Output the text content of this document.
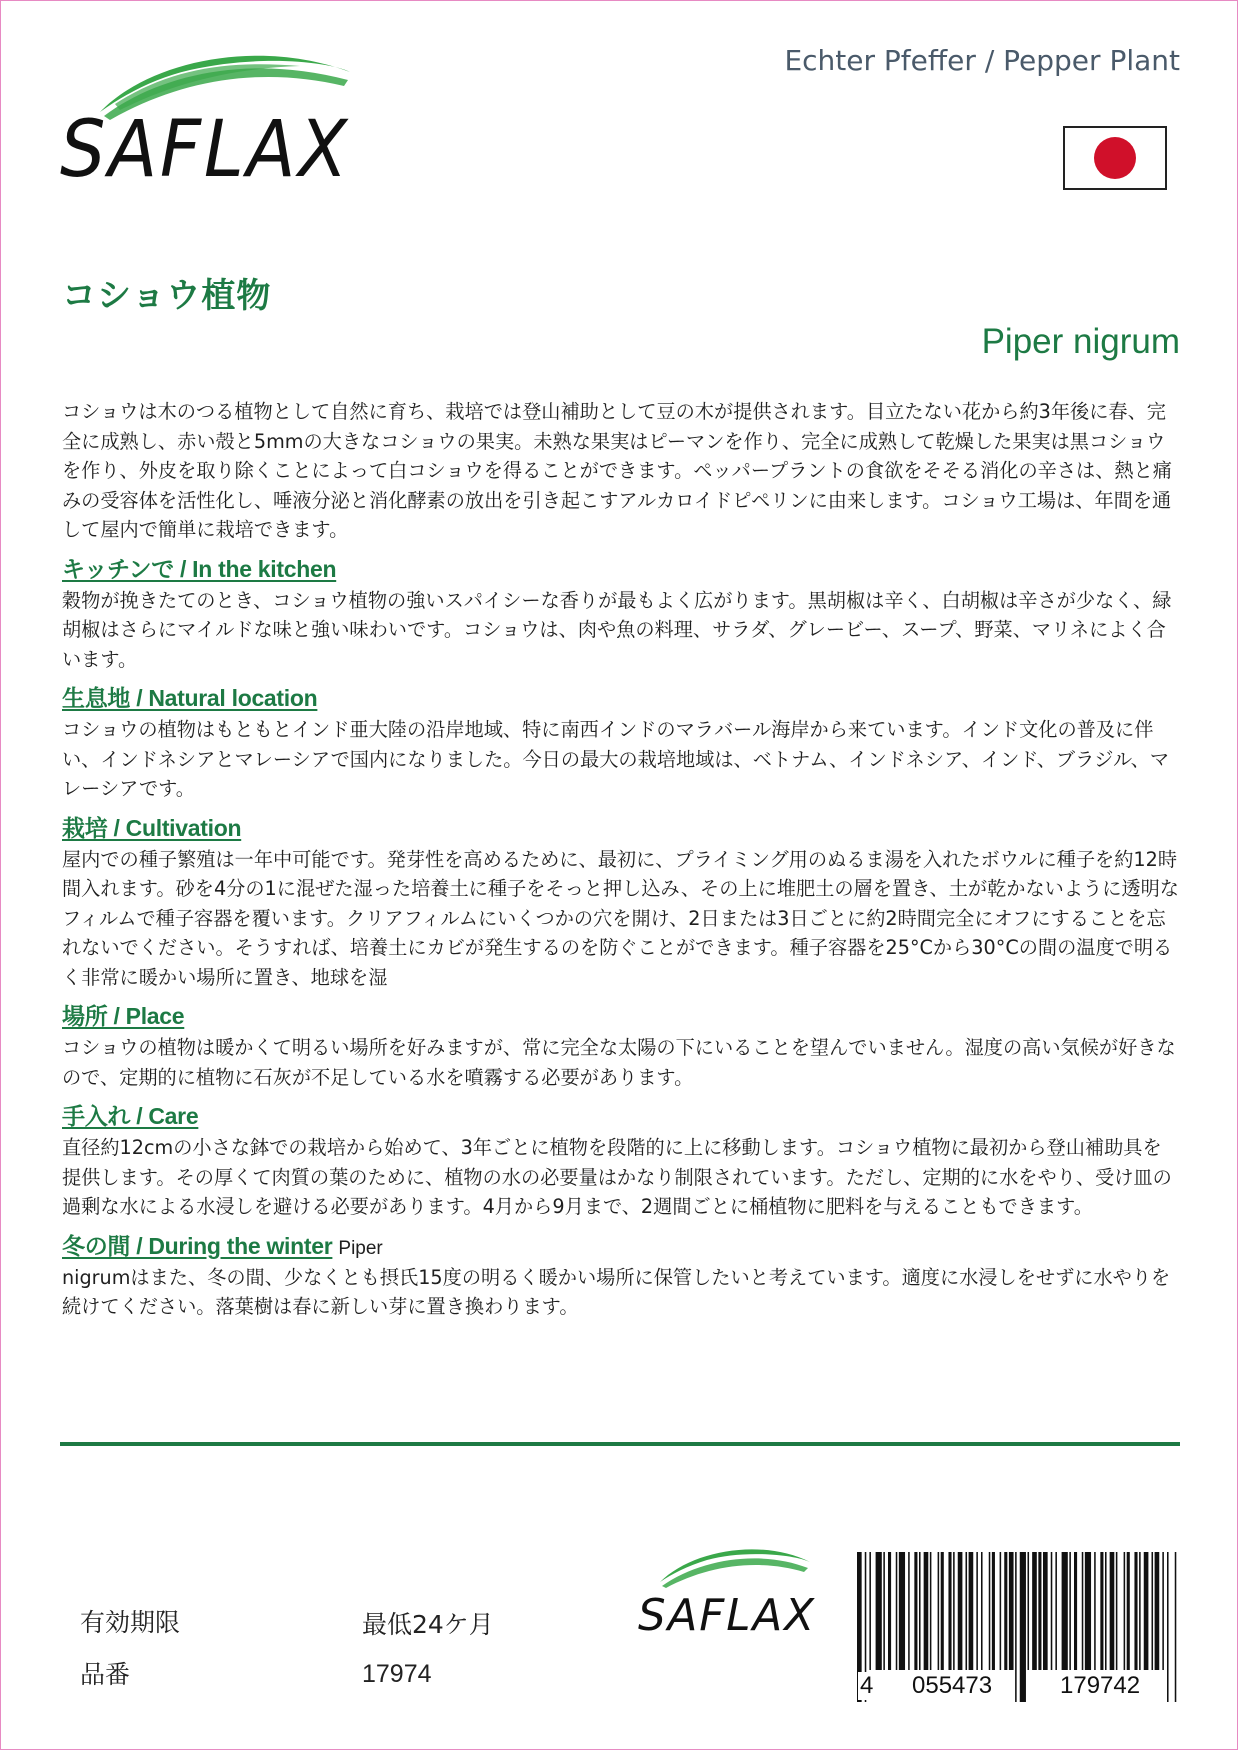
SAFLAX
Echter Pfeffer / Pepper Plant
コショウ植物
Piper nigrum

コショウは木のつる植物として自然に育ち、栽培では登山補助として豆の木が提供されます。目立たない花から約3年後に春、完全に成熟し、赤い殻と5mmの大きなコショウの果実。未熟な果実はピーマンを作り、完全に成熟して乾燥した果実は黒コショウを作り、外皮を取り除くことによって白コショウを得ることができます。ペッパープラントの食欲をそそる消化の辛さは、熱と痛みの受容体を活性化し、唾液分泌と消化酵素の放出を引き起こすアルカロイドピペリンに由来します。コショウ工場は、年間を通して屋内で簡単に栽培できます。

キッチンで / In the kitchen

穀物が挽きたてのとき、コショウ植物の強いスパイシーな香りが最もよく広がります。黒胡椒は辛く、白胡椒は辛さが少なく、緑胡椒はさらにマイルドな味と強い味わいです。コショウは、肉や魚の料理、サラダ、グレービー、スープ、野菜、マリネによく合います。

生息地 / Natural location

コショウの植物はもともとインド亜大陸の沿岸地域、特に南西インドのマラバール海岸から来ています。インド文化の普及に伴い、インドネシアとマレーシアで国内になりました。今日の最大の栽培地域は、ベトナム、インドネシア、インド、ブラジル、マレーシアです。

栽培 / Cultivation

屋内での種子繁殖は一年中可能です。発芽性を高めるために、最初に、プライミング用のぬるま湯を入れたボウルに種子を約12時間入れます。砂を4分の1に混ぜた湿った培養土に種子をそっと押し込み、その上に堆肥土の層を置き、土が乾かないように透明なフィルムで種子容器を覆います。クリアフィルムにいくつかの穴を開け、2日または3日ごとに約2時間完全にオフにすることを忘れないでください。そうすれば、培養土にカビが発生するのを防ぐことができます。種子容器を25°Cから30°Cの間の温度で明るく非常に暖かい場所に置き、地球を湿

場所 / Place

コショウの植物は暖かくて明るい場所を好みますが、常に完全な太陽の下にいることを望んでいません。湿度の高い気候が好きなので、定期的に植物に石灰が不足している水を噴霧する必要があります。

手入れ / Care

直径約12cmの小さな鉢での栽培から始めて、3年ごとに植物を段階的に上に移動します。コショウ植物に最初から登山補助具を提供します。その厚くて肉質の葉のために、植物の水の必要量はかなり制限されています。ただし、定期的に水をやり、受け皿の過剰な水による水浸しを避ける必要があります。4月から9月まで、2週間ごとに桶植物に肥料を与えることもできます。

冬の間 / During the winter Piper

nigrumはまた、冬の間、少なくとも摂氏15度の明るく暖かい場所に保管したいと考えています。適度に水浸しをせずに水やりを続けてください。落葉樹は春に新しい芽に置き換わります。

有効期限
品番
最低24ケ月
17974
SAFLAX
4 055473	179742
